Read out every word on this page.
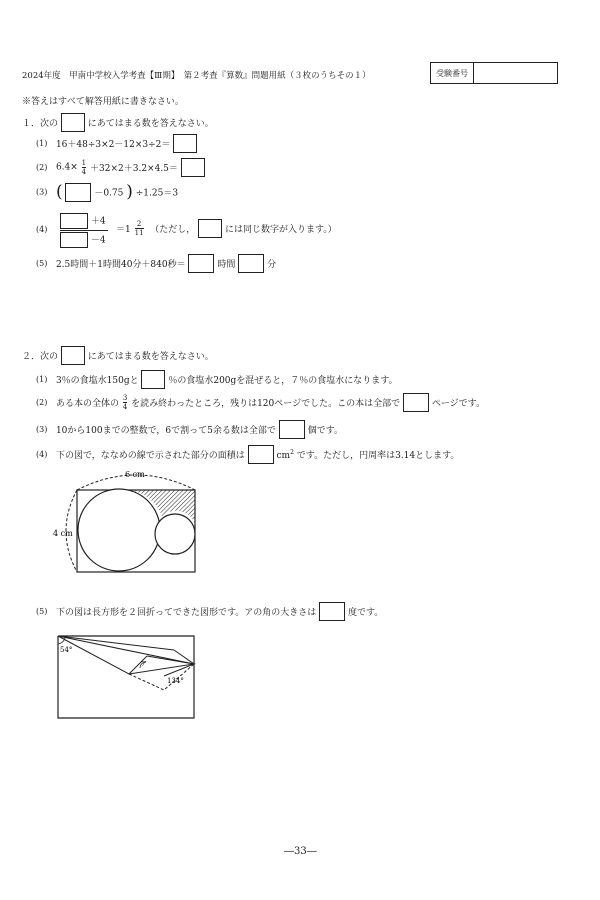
2024年度　甲南中学校入学考査【Ⅲ期】　第２考査『算数』問題用紙（３枚のうちその１）	受験番号
※答えはすべて解答用紙に書きなさい。
１．次の	にあてはまる数を答えなさい。
(1) 16＋48÷3×2－12×3÷2＝
(2) $6.4\times \frac{1}{4} +32\times 2+3.2\times 4.5=$
(3) (	－0.75 ) ÷1.25＝3
(4)
＋4
－4
$=1 \frac{2}{11}$ （ただし，	には同じ数字が入ります。）
(5) 2.5時間＋1時間40分＋840秒＝	時間	分
２．次の	にあてはまる数を答えなさい。
(1) 3％の食塩水150gと	％の食塩水200gを混ぜると，７％の食塩水になります。
(2) ある本の全体の $\frac{3}{4}$ を読み終わったところ，残りは120ページでした。この本は全部で	ページです。
(3) 10から100までの整数で，6で割って5余る数は全部で	個です。
(4) 下の図で，ななめの線で示された部分の面積は	$cm^2$ です。ただし，円周率は3.14とします。
6 cm
4 cm
(5) 下の図は長方形を２回折ってできた図形です。アの角の大きさは	度です。
54°
ア
134°
―33―
